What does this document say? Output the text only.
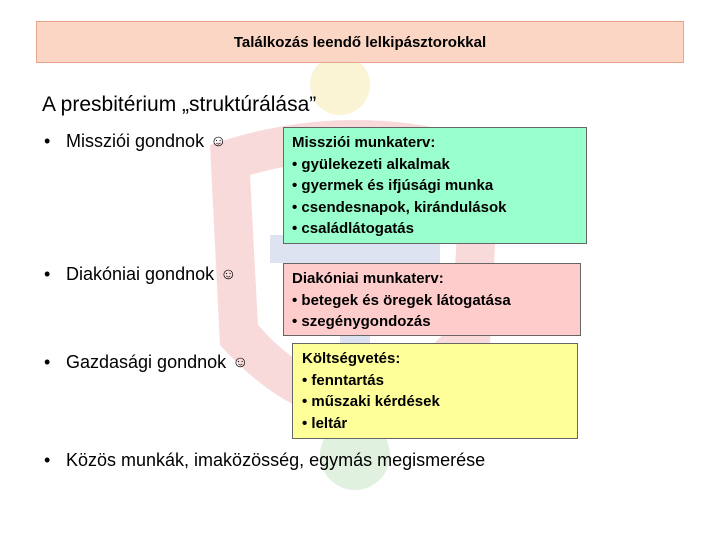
Találkozás leendő lelkipásztorokkal
A presbitérium „struktúrálása”
• Missziói gondnok ☺
• Diakóniai gondnok ☺
• Gazdasági gondnok ☺
• Közös munkák, imaközösség, egymás megismerése
Missziói munkaterv:
• gyülekezeti alkalmak
• gyermek és ifjúsági munka
• csendesnapok, kirándulások
• családlátogatás
Diakóniai munkaterv:
• betegek és öregek látogatása
• szegénygondozás
Költségvetés:
• fenntartás
• műszaki kérdések
• leltár
